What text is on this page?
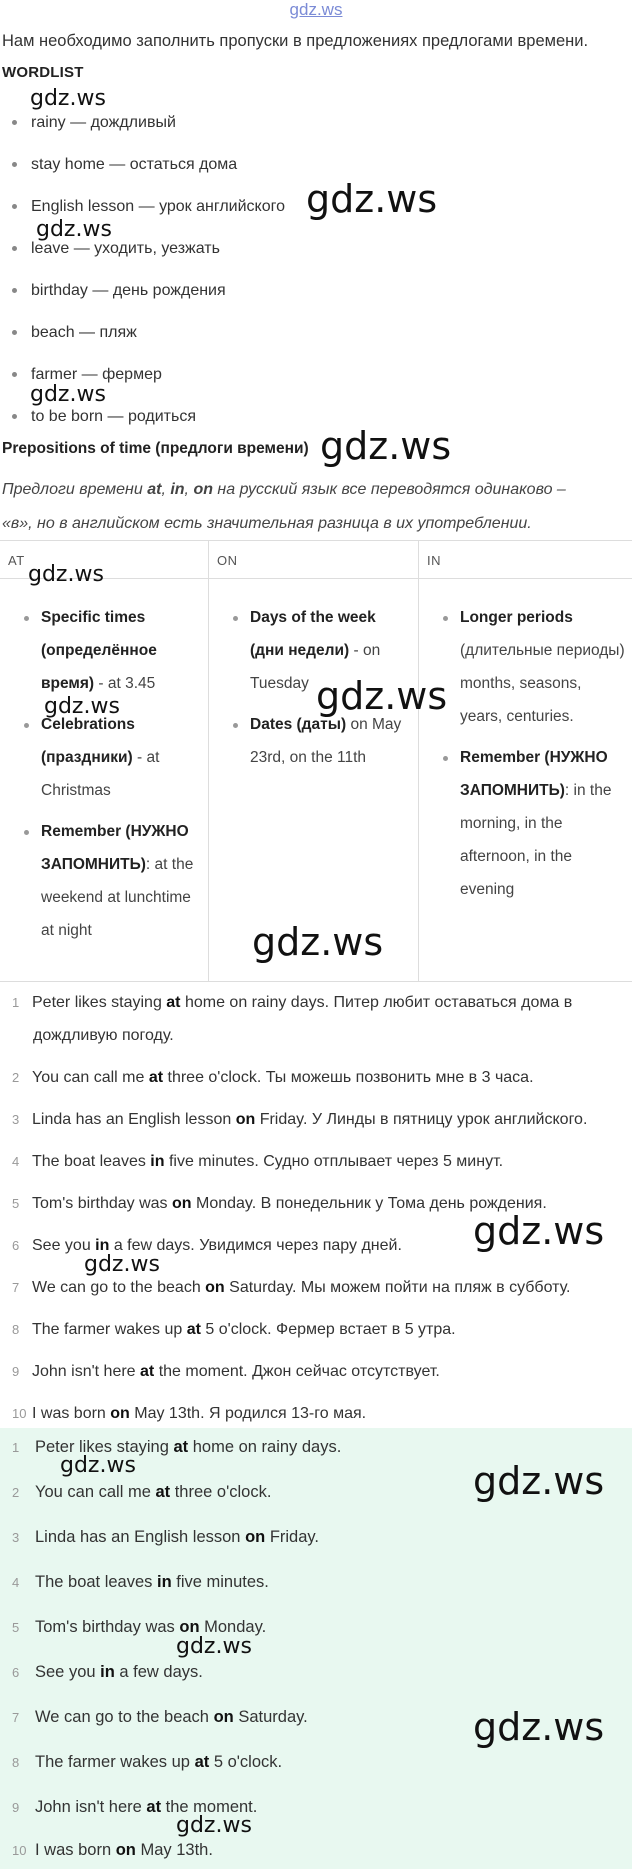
gdz.ws
Нам необходимо заполнить пропуски в предложениях предлогами времени.
WORDLIST
rainy — дождливый
stay home — остаться дома
English lesson — урок английского
leave — уходить, уезжать
birthday — день рождения
beach — пляж
farmer — фермер
to be born — родиться
Prepositions of time (предлоги времени)
Предлоги времени at, in, on на русский язык все переводятся одинаково –
«в», но в английском есть значительная разница в их употреблении.
AT
Specific times (определённое время) - at 3.45
Celebrations (праздники) - at Christmas
Remember (НУЖНО ЗАПОМНИТЬ): at the weekend at lunchtime at night
ON
Days of the week (дни недели) - on Tuesday
Dates (даты) on May 23rd, on the 11th
IN
Longer periods (длительные периоды) months, seasons, years, centuries.
Remember (НУЖНО ЗАПОМНИТЬ): in the morning, in the afternoon, in the evening
1 Peter likes staying at home on rainy days. Питер любит оставаться дома в
дождливую погоду.
2 You can call me at three o'clock. Ты можешь позвонить мне в 3 часа.
3 Linda has an English lesson on Friday. У Линды в пятницу урок английского.
4 The boat leaves in five minutes. Судно отплывает через 5 минут.
5 Tom's birthday was on Monday. В понедельник у Тома день рождения.
6 See you in a few days. Увидимся через пару дней.
7 We can go to the beach on Saturday. Мы можем пойти на пляж в субботу.
8 The farmer wakes up at 5 o'clock. Фермер встает в 5 утра.
9 John isn't here at the moment. Джон сейчас отсутствует.
10 I was born on May 13th. Я родился 13-го мая.
1 Peter likes staying at home on rainy days.
2 You can call me at three o'clock.
3 Linda has an English lesson on Friday.
4 The boat leaves in five minutes.
5 Tom's birthday was on Monday.
6 See you in a few days.
7 We can go to the beach on Saturday.
8 The farmer wakes up at 5 o'clock.
9 John isn't here at the moment.
10 I was born on May 13th.
gdz.ws
gdz.ws
gdz.ws
gdz.ws
gdz.ws
gdz.ws
gdz.ws
gdz.ws
gdz.ws
gdz.ws
gdz.ws
gdz.ws	gdz.ws
gdz.ws
gdz.ws
gdz.ws
